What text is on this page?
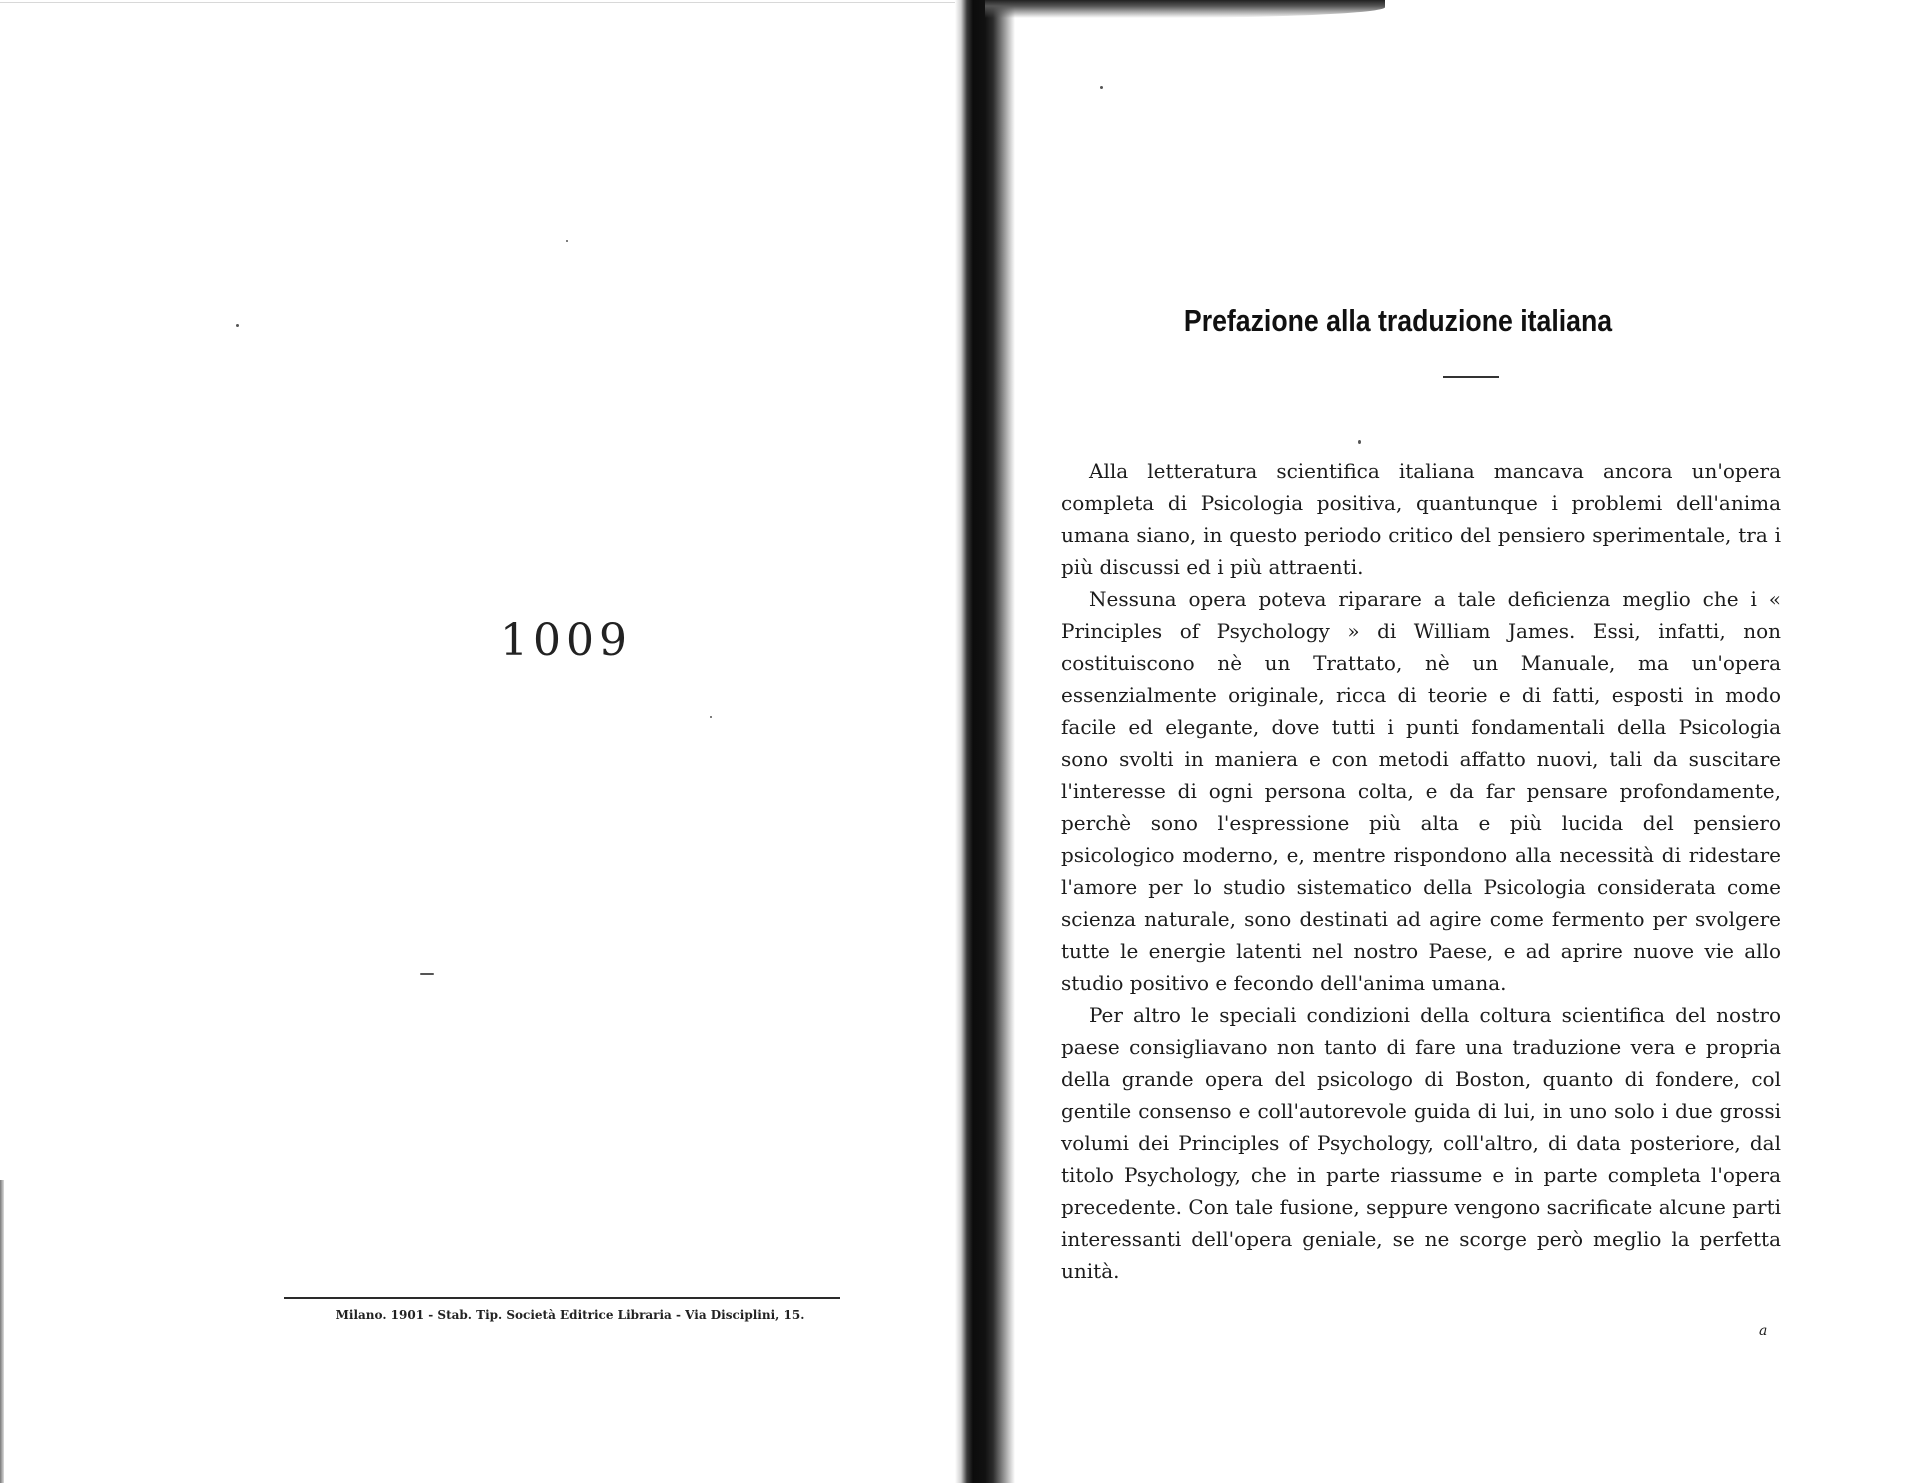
1009
Milano. 1901 - Stab. Tip. Società Editrice Libraria - Via Disciplini, 15.
Prefazione alla traduzione italiana

Alla letteratura scientifica italiana mancava ancora un'opera completa di Psicologia positiva, quantunque i problemi dell'anima umana siano, in questo periodo critico del pensiero sperimentale, tra i più discussi ed i più attraenti.

Nessuna opera poteva riparare a tale deficienza meglio che i « Principles of Psychology » di William James. Essi, infatti, non costituiscono nè un Trattato, nè un Manuale, ma un'opera essenzialmente originale, ricca di teorie e di fatti, esposti in modo facile ed elegante, dove tutti i punti fondamentali della Psicologia sono svolti in maniera e con metodi affatto nuovi, tali da suscitare l'interesse di ogni persona colta, e da far pensare profondamente, perchè sono l'espressione più alta e più lucida del pensiero psicologico moderno, e, mentre rispondono alla necessità di ridestare l'amore per lo studio sistematico della Psicologia considerata come scienza naturale, sono destinati ad agire come fermento per svolgere tutte le energie latenti nel nostro Paese, e ad aprire nuove vie allo studio positivo e fecondo dell'anima umana.

Per altro le speciali condizioni della coltura scientifica del nostro paese consigliavano non tanto di fare una traduzione vera e propria della grande opera del psicologo di Boston, quanto di fondere, col gentile consenso e coll'autorevole guida di lui, in uno solo i due grossi volumi dei Principles of Psychology, coll'altro, di data posteriore, dal titolo Psychology, che in parte riassume e in parte completa l'opera precedente. Con tale fusione, seppure vengono sacrificate alcune parti interessanti dell'opera geniale, se ne scorge però meglio la perfetta unità.

a
